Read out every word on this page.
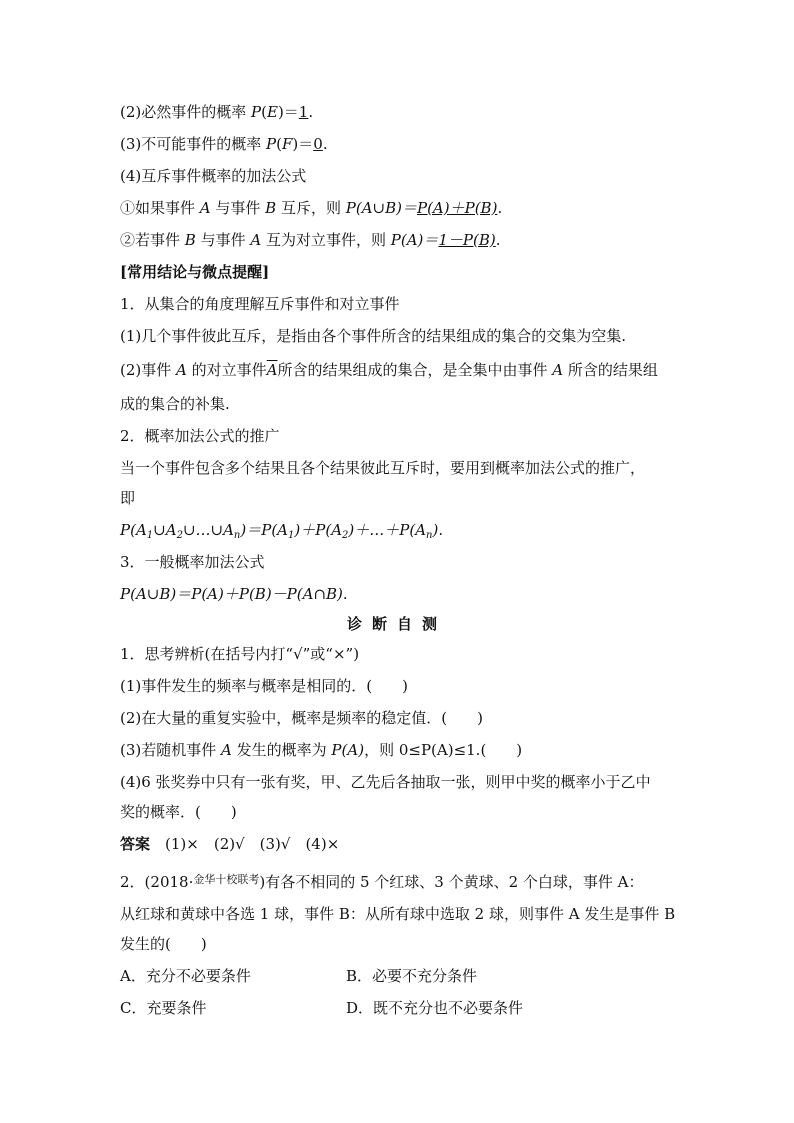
(2)必然事件的概率 P(E)＝1.
(3)不可能事件的概率 P(F)＝0.
(4)互斥事件概率的加法公式
①如果事件 A 与事件 B 互斥，则 P(A∪B)＝P(A)＋P(B).
②若事件 B 与事件 A 互为对立事件，则 P(A)＝1－P(B).
[常用结论与微点提醒]
1．从集合的角度理解互斥事件和对立事件
(1)几个事件彼此互斥，是指由各个事件所含的结果组成的集合的交集为空集.
(2)事件 A 的对立事件$\overline{A}$所含的结果组成的集合，是全集中由事件 A 所含的结果组
成的集合的补集.
2．概率加法公式的推广
当一个事件包含多个结果且各个结果彼此互斥时，要用到概率加法公式的推广，
即
$P(A_1\cup A_2\cup\dots\cup A_n)=P(A_1)+P(A_2)+\dots+P(A_n)$.
3．一般概率加法公式
P(A∪B)＝P(A)＋P(B)－P(A∩B).
诊断自测
1．思考辨析(在括号内打“√”或“×”)
(1)事件发生的频率与概率是相同的．(　　)
(2)在大量的重复实验中，概率是频率的稳定值．(　　)
(3)若随机事件 A 发生的概率为 P(A)，则 0≤P(A)≤1.(　　)
(4)6 张奖券中只有一张有奖，甲、乙先后各抽取一张，则甲中奖的概率小于乙中
奖的概率．(　　)
答案　 (1)×　(2)√　(3)√　(4)×
2．(2018·$^{金华十校联考}$)有各不相同的 5 个红球、3 个黄球、2 个白球，事件 A：
从红球和黄球中各选 1 球，事件 B：从所有球中选取 2 球，则事件 A 发生是事件 B
发生的(　　)
A．充分不必要条件	B．必要不充分条件
C．充要条件	D．既不充分也不必要条件
